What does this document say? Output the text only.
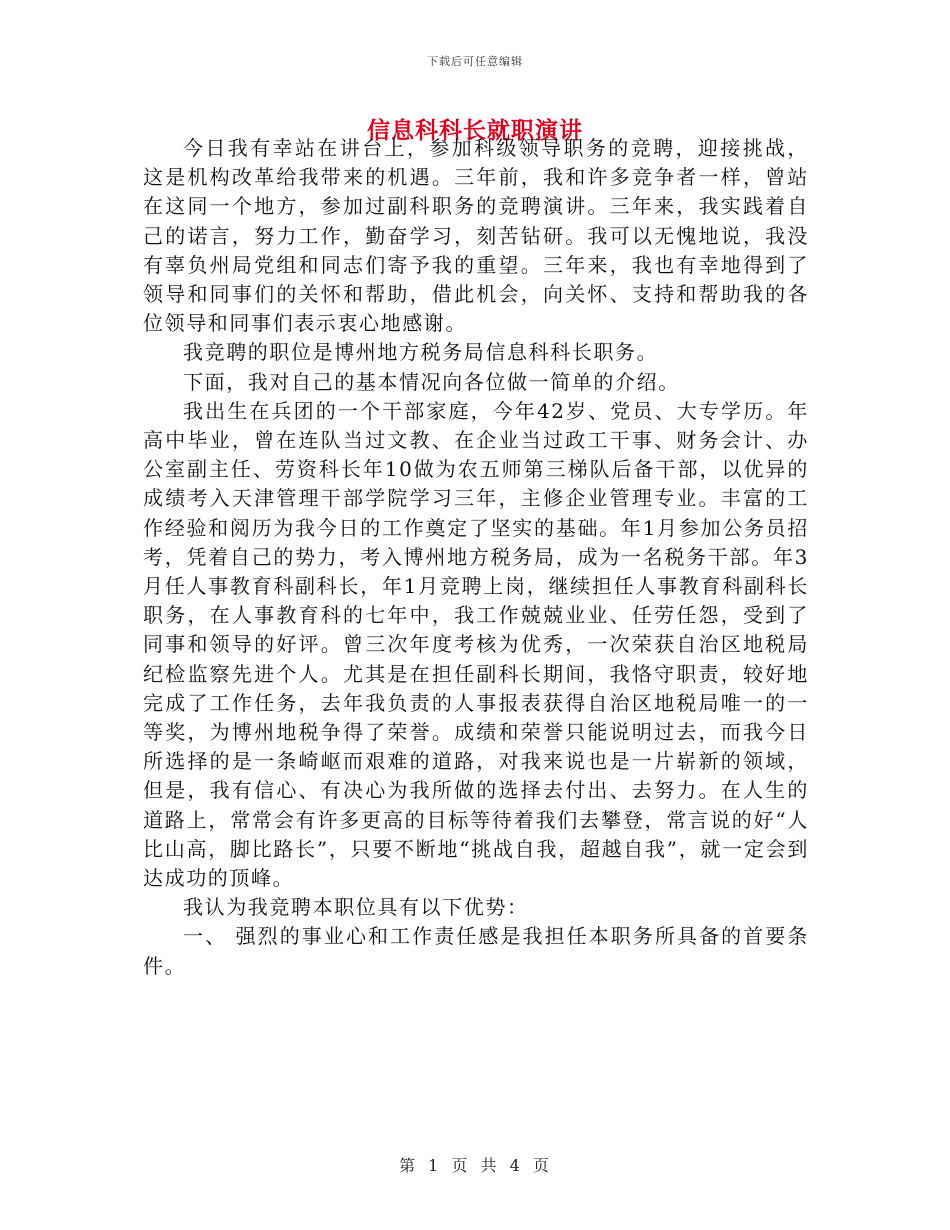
下载后可任意编辑
信息科科长就职演讲

今日我有幸站在讲台上，参加科级领导职务的竞聘，迎接挑战，这是机构改革给我带来的机遇。三年前，我和许多竞争者一样，曾站在这同一个地方，参加过副科职务的竞聘演讲。三年来，我实践着自己的诺言，努力工作，勤奋学习，刻苦钻研。我可以无愧地说，我没有辜负州局党组和同志们寄予我的重望。三年来，我也有幸地得到了领导和同事们的关怀和帮助，借此机会，向关怀、支持和帮助我的各位领导和同事们表示衷心地感谢。

我竞聘的职位是博州地方税务局信息科科长职务。

下面，我对自己的基本情况向各位做一简单的介绍。

我出生在兵团的一个干部家庭，今年42岁、党员、大专学历。年高中毕业，曾在连队当过文教、在企业当过政工干事、财务会计、办公室副主任、劳资科长年10做为农五师第三梯队后备干部，以优异的成绩考入天津管理干部学院学习三年，主修企业管理专业。丰富的工作经验和阅历为我今日的工作奠定了坚实的基础。年1月参加公务员招考，凭着自己的势力，考入博州地方税务局，成为一名税务干部。年3月任人事教育科副科长，年1月竞聘上岗，继续担任人事教育科副科长职务，在人事教育科的七年中，我工作兢兢业业、任劳任怨，受到了同事和领导的好评。曾三次年度考核为优秀，一次荣获自治区地税局纪检监察先进个人。尤其是在担任副科长期间，我恪守职责，较好地完成了工作任务，去年我负责的人事报表获得自治区地税局唯一的一等奖，为博州地税争得了荣誉。成绩和荣誉只能说明过去，而我今日所选择的是一条崎岖而艰难的道路，对我来说也是一片崭新的领域，但是，我有信心、有决心为我所做的选择去付出、去努力。在人生的道路上，常常会有许多更高的目标等待着我们去攀登，常言说的好“人比山高，脚比路长”，只要不断地“挑战自我，超越自我”，就一定会到达成功的顶峰。

我认为我竞聘本职位具有以下优势：

一、 强烈的事业心和工作责任感是我担任本职务所具备的首要条件。

第 1 页 共 4 页
